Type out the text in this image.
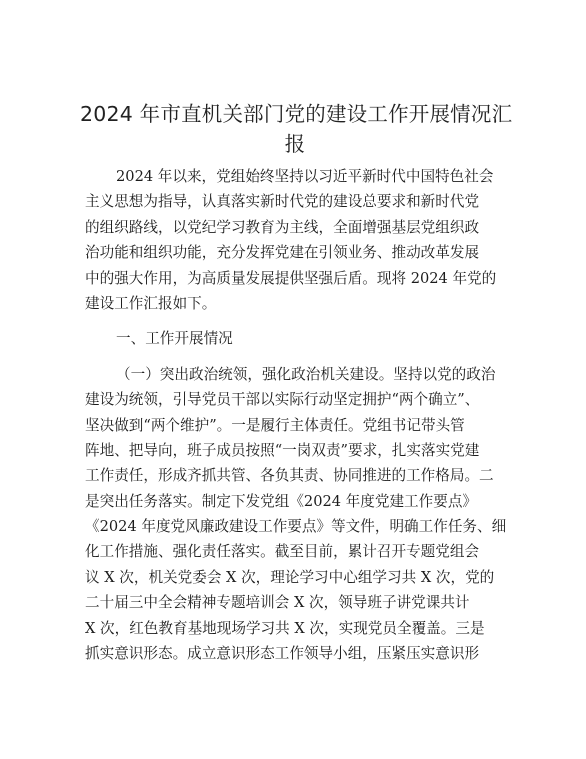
2024 年市直机关部门党的建设工作开展情况汇
报
2024 年以来，党组始终坚持以习近平新时代中国特色社会
主义思想为指导，认真落实新时代党的建设总要求和新时代党
的组织路线，以党纪学习教育为主线，全面增强基层党组织政
治功能和组织功能，充分发挥党建在引领业务、推动改革发展
中的强大作用，为高质量发展提供坚强后盾。现将 2024 年党的
建设工作汇报如下。
一、工作开展情况
（一）突出政治统领，强化政治机关建设。坚持以党的政治
建设为统领，引导党员干部以实际行动坚定拥护“两个确立”、
坚决做到“两个维护”。一是履行主体责任。党组书记带头管
阵地、把导向，班子成员按照“一岗双责”要求，扎实落实党建
工作责任，形成齐抓共管、各负其责、协同推进的工作格局。二
是突出任务落实。制定下发党组《2024 年度党建工作要点》
《2024 年度党风廉政建设工作要点》等文件，明确工作任务、细
化工作措施、强化责任落实。截至目前，累计召开专题党组会
议 X 次，机关党委会 X 次，理论学习中心组学习共 X 次，党的
二十届三中全会精神专题培训会 X 次，领导班子讲党课共计
X 次，红色教育基地现场学习共 X 次，实现党员全覆盖。三是
抓实意识形态。成立意识形态工作领导小组，压紧压实意识形
